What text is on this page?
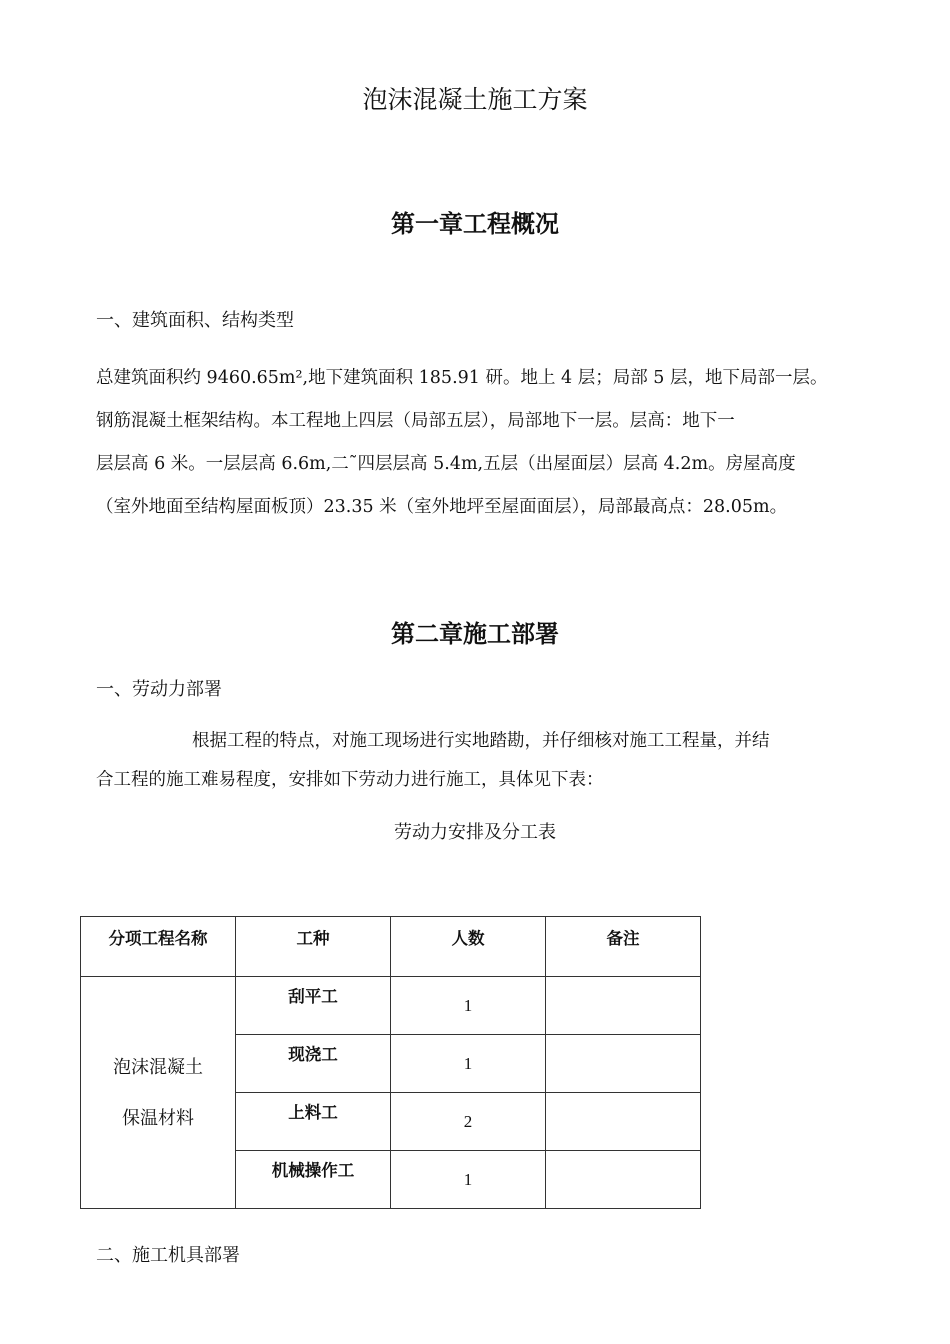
泡沫混凝土施工方案
第一章工程概况
一、建筑面积、结构类型
总建筑面积约 9460.65m²,地下建筑面积 185.91 研。地上 4 层；局部 5 层，地下局部一层。
钢筋混凝土框架结构。本工程地上四层（局部五层），局部地下一层。层高：地下一
层层高 6 米。一层层高 6.6m,二˜四层层高 5.4m,五层（出屋面层）层高 4.2m。房屋高度
（室外地面至结构屋面板顶）23.35 米（室外地坪至屋面面层），局部最高点：28.05m。
第二章施工部署
一、劳动力部署
根据工程的特点，对施工现场进行实地踏勘，并仔细核对施工工程量，并结
合工程的施工难易程度，安排如下劳动力进行施工，具体见下表：
劳动力安排及分工表
分项工程名称	工种	人数	备注

泡沫混凝土
保温材料	刮平工	1	
	现浇工	1	
	上料工	2	
	机械操作工	1	
二、施工机具部署
